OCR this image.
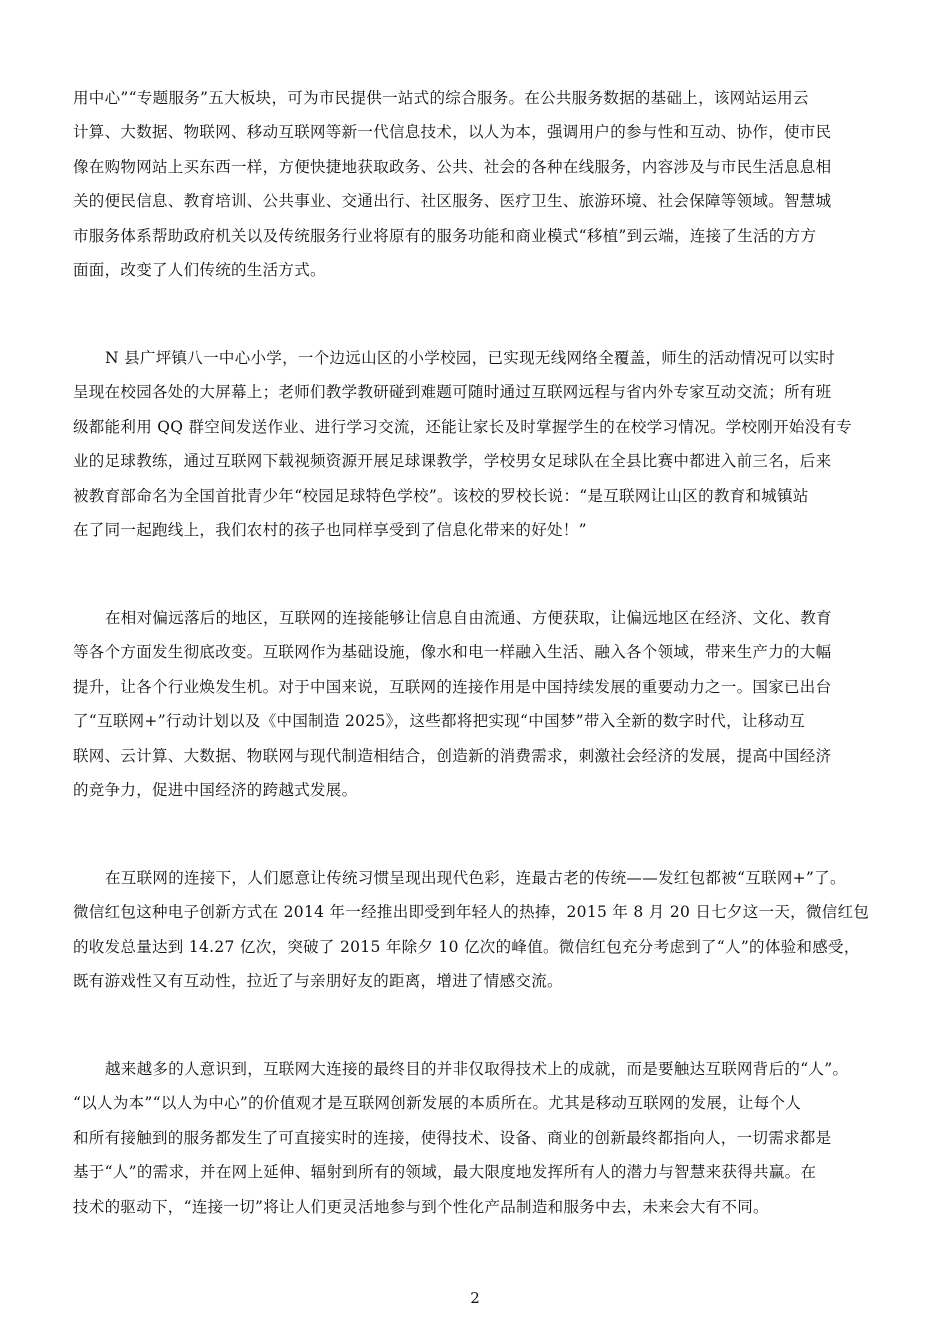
用中心”“专题服务”五大板块，可为市民提供一站式的综合服务。在公共服务数据的基础上，该网站运用云
计算、大数据、物联网、移动互联网等新一代信息技术，以人为本，强调用户的参与性和互动、协作，使市民
像在购物网站上买东西一样，方便快捷地获取政务、公共、社会的各种在线服务，内容涉及与市民生活息息相
关的便民信息、教育培训、公共事业、交通出行、社区服务、医疗卫生、旅游环境、社会保障等领域。智慧城
市服务体系帮助政府机关以及传统服务行业将原有的服务功能和商业模式“移植”到云端，连接了生活的方方
面面，改变了人们传统的生活方式。
N 县广坪镇八一中心小学，一个边远山区的小学校园，已实现无线网络全覆盖，师生的活动情况可以实时
呈现在校园各处的大屏幕上；老师们教学教研碰到难题可随时通过互联网远程与省内外专家互动交流；所有班
级都能利用 QQ 群空间发送作业、进行学习交流，还能让家长及时掌握学生的在校学习情况。学校刚开始没有专
业的足球教练，通过互联网下载视频资源开展足球课教学，学校男女足球队在全县比赛中都进入前三名，后来
被教育部命名为全国首批青少年“校园足球特色学校”。该校的罗校长说：“是互联网让山区的教育和城镇站
在了同一起跑线上，我们农村的孩子也同样享受到了信息化带来的好处！”
在相对偏远落后的地区，互联网的连接能够让信息自由流通、方便获取，让偏远地区在经济、文化、教育
等各个方面发生彻底改变。互联网作为基础设施，像水和电一样融入生活、融入各个领域，带来生产力的大幅
提升，让各个行业焕发生机。对于中国来说，互联网的连接作用是中国持续发展的重要动力之一。国家已出台
了“互联网+”行动计划以及《中国制造 2025》，这些都将把实现“中国梦”带入全新的数字时代，让移动互
联网、云计算、大数据、物联网与现代制造相结合，创造新的消费需求，刺激社会经济的发展，提高中国经济
的竞争力，促进中国经济的跨越式发展。
在互联网的连接下，人们愿意让传统习惯呈现出现代色彩，连最古老的传统——发红包都被“互联网+”了。
微信红包这种电子创新方式在 2014 年一经推出即受到年轻人的热捧，2015 年 8 月 20 日七夕这一天，微信红包
的收发总量达到 14.27 亿次，突破了 2015 年除夕 10 亿次的峰值。微信红包充分考虑到了“人”的体验和感受，
既有游戏性又有互动性，拉近了与亲朋好友的距离，增进了情感交流。
越来越多的人意识到，互联网大连接的最终目的并非仅取得技术上的成就，而是要触达互联网背后的“人”。
“以人为本”“以人为中心”的价值观才是互联网创新发展的本质所在。尤其是移动互联网的发展，让每个人
和所有接触到的服务都发生了可直接实时的连接，使得技术、设备、商业的创新最终都指向人，一切需求都是
基于“人”的需求，并在网上延伸、辐射到所有的领域，最大限度地发挥所有人的潜力与智慧来获得共赢。在
技术的驱动下，“连接一切”将让人们更灵活地参与到个性化产品制造和服务中去，未来会大有不同。
2
